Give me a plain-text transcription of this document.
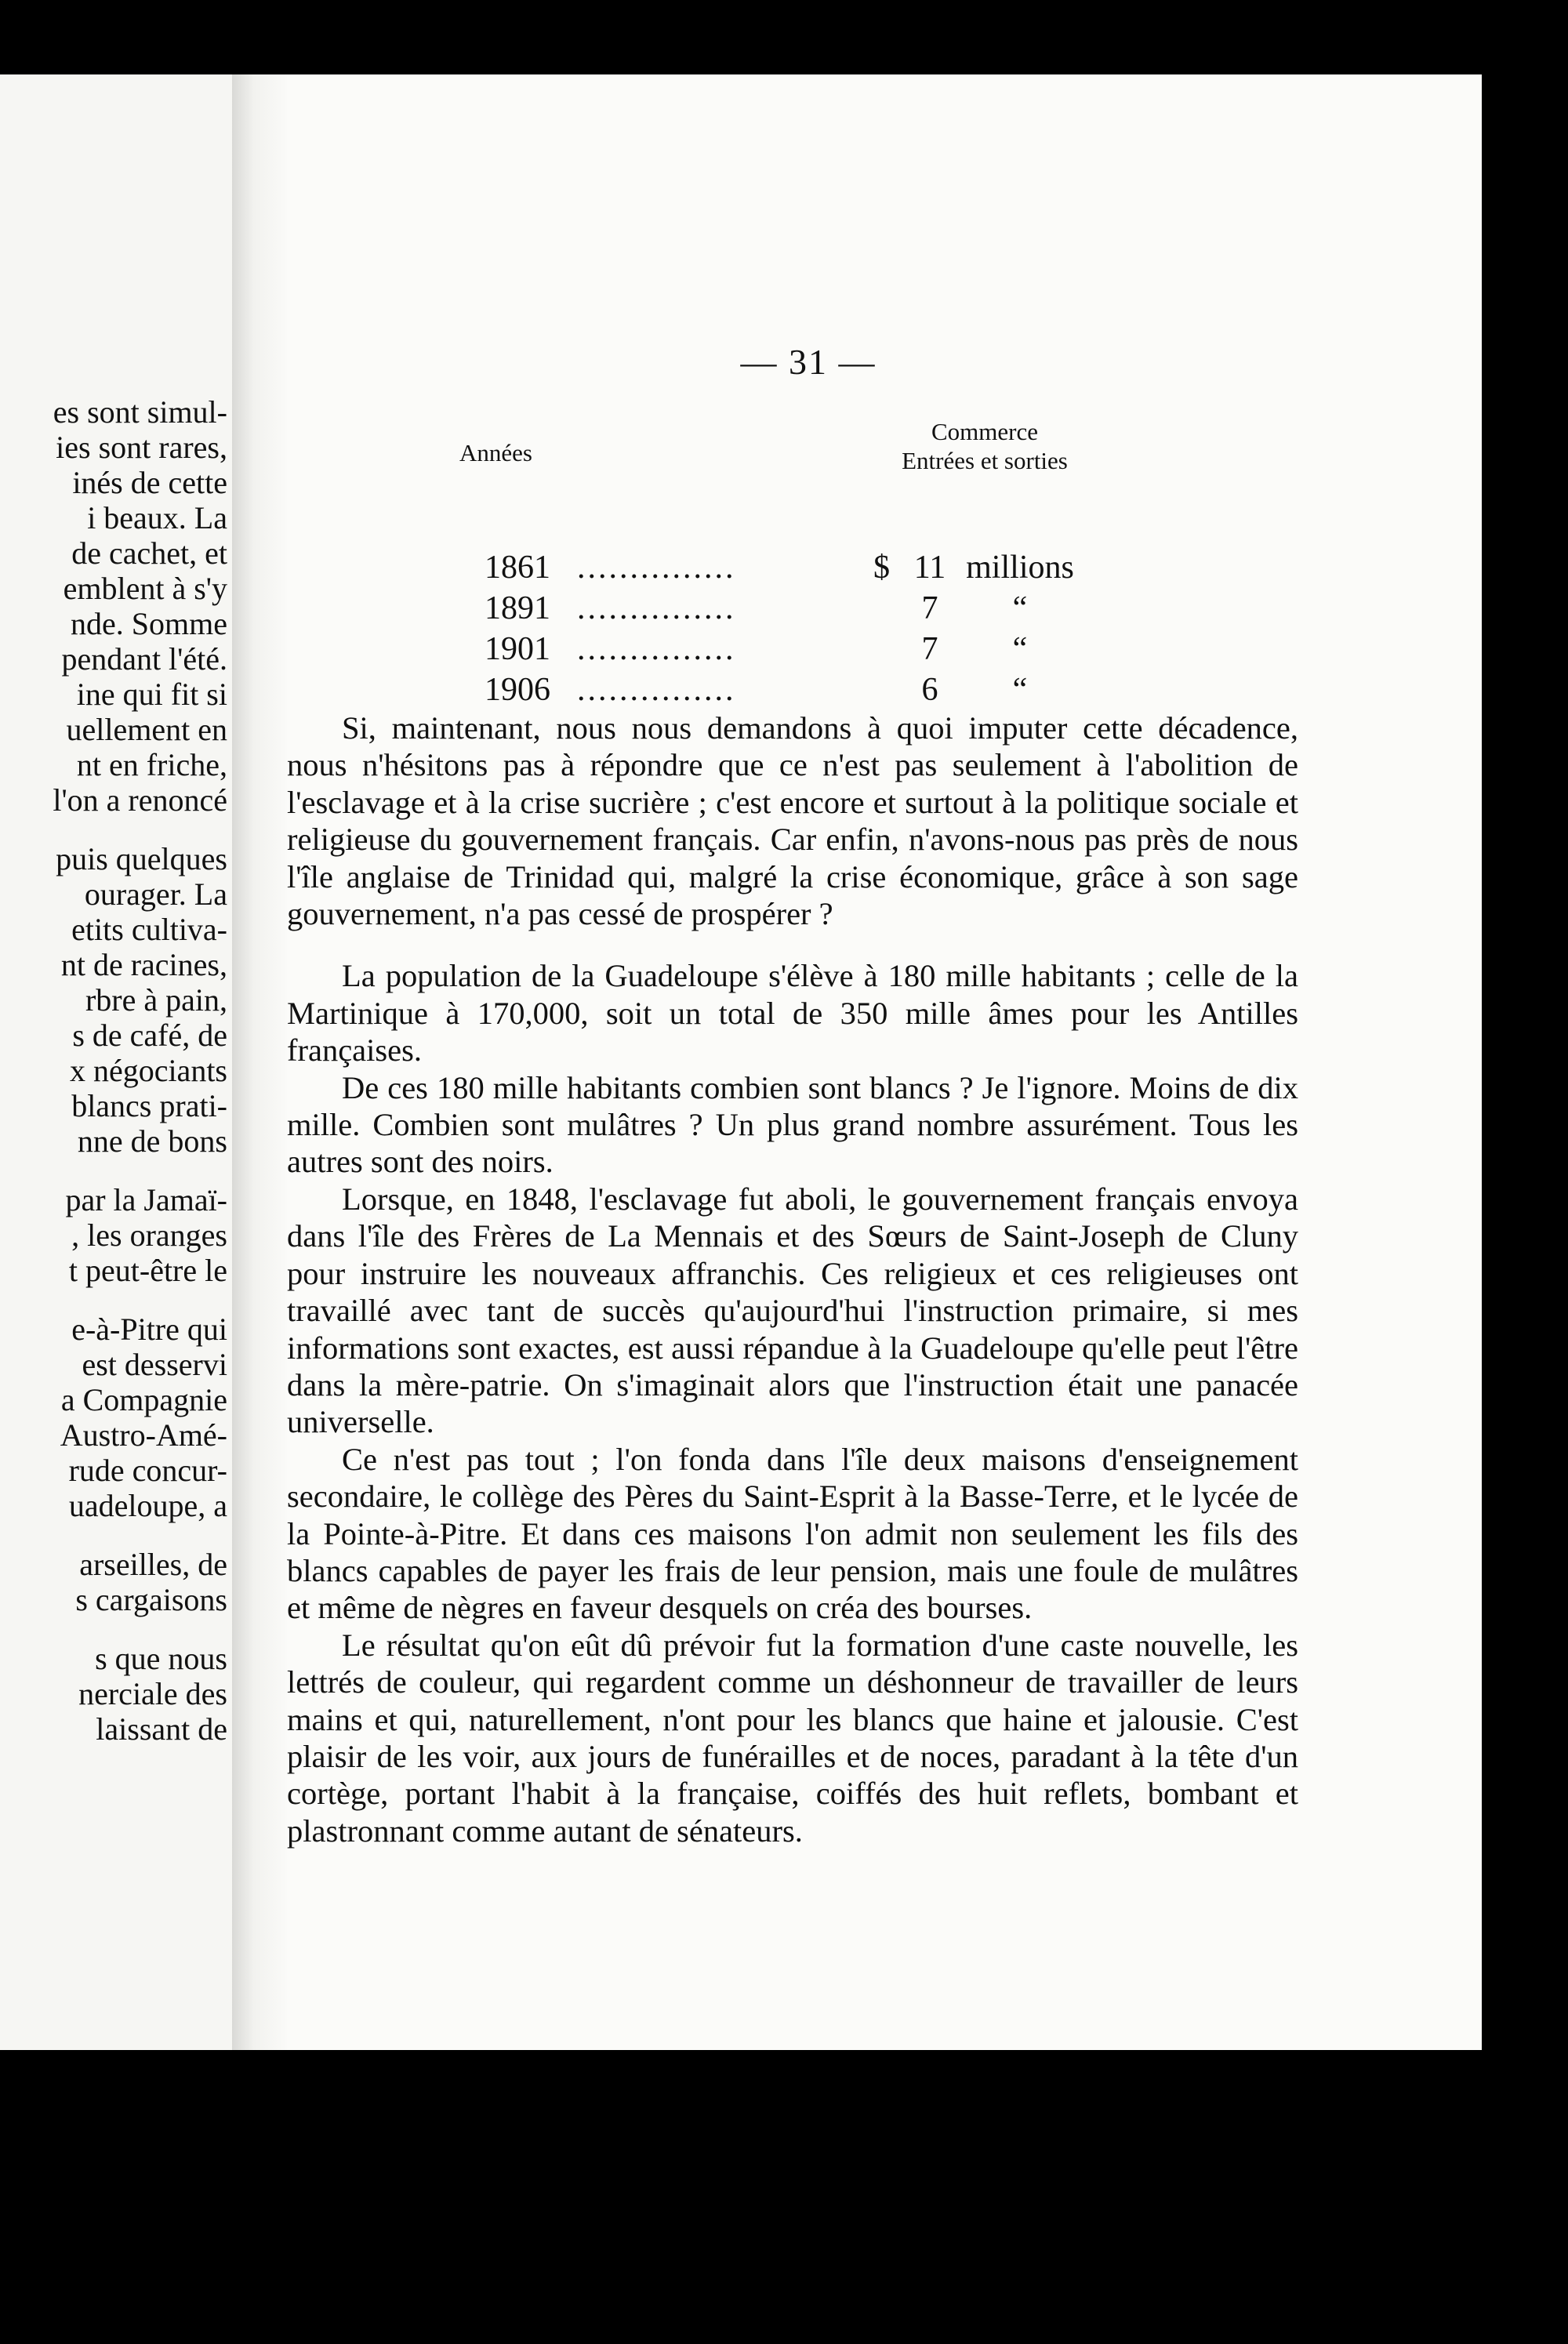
es sont simul-
ies sont rares,
inés de cette
i beaux. La
de cachet, et
emblent à s'y
nde. Somme
pendant l'été.
ine qui fit si
uellement en
nt en friche,
l'on a renoncé
puis quelques
ourager. La
etits cultiva-
nt de racines,
rbre à pain,
s de café, de
x négociants
blancs prati-
nne de bons
par la Jamaï-
, les oranges
t peut-être le
e-à-Pitre qui
est desservi
a Compagnie
Austro-Amé-
rude concur-
uadeloupe, a
arseilles, de
s cargaisons
s que nous
nerciale des
laissant de
— 31 —
Années
Commerce
Entrées et sorties
1861 ...............	$ 11 millions
1891 ...............	7 “
1901 ...............	7 “
1906 ...............	6 “

Si, maintenant, nous nous demandons à quoi imputer cette décadence, nous n'hésitons pas à répondre que ce n'est pas seulement à l'abolition de l'esclavage et à la crise sucrière ; c'est encore et surtout à la politique sociale et religieuse du gouvernement français. Car enfin, n'avons-nous pas près de nous l'île anglaise de Trinidad qui, malgré la crise économique, grâce à son sage gouvernement, n'a pas cessé de prospérer ?

La population de la Guadeloupe s'élève à 180 mille habitants ; celle de la Martinique à 170,000, soit un total de 350 mille âmes pour les Antilles françaises.

De ces 180 mille habitants combien sont blancs ? Je l'ignore. Moins de dix mille. Combien sont mulâtres ? Un plus grand nombre assurément. Tous les autres sont des noirs.

Lorsque, en 1848, l'esclavage fut aboli, le gouvernement français envoya dans l'île des Frères de La Mennais et des Sœurs de Saint-Joseph de Cluny pour instruire les nouveaux affranchis. Ces religieux et ces religieuses ont travaillé avec tant de succès qu'aujourd'hui l'instruction primaire, si mes informations sont exactes, est aussi répandue à la Guadeloupe qu'elle peut l'être dans la mère-patrie. On s'imaginait alors que l'instruction était une panacée universelle.

Ce n'est pas tout ; l'on fonda dans l'île deux maisons d'enseignement secondaire, le collège des Pères du Saint-Esprit à la Basse-Terre, et le lycée de la Pointe-à-Pitre. Et dans ces maisons l'on admit non seulement les fils des blancs capables de payer les frais de leur pension, mais une foule de mulâtres et même de nègres en faveur desquels on créa des bourses.

Le résultat qu'on eût dû prévoir fut la formation d'une caste nouvelle, les lettrés de couleur, qui regardent comme un déshonneur de travailler de leurs mains et qui, naturellement, n'ont pour les blancs que haine et jalousie. C'est plaisir de les voir, aux jours de funérailles et de noces, paradant à la tête d'un cortège, portant l'habit à la française, coiffés des huit reflets, bombant et plastronnant comme autant de sénateurs.
